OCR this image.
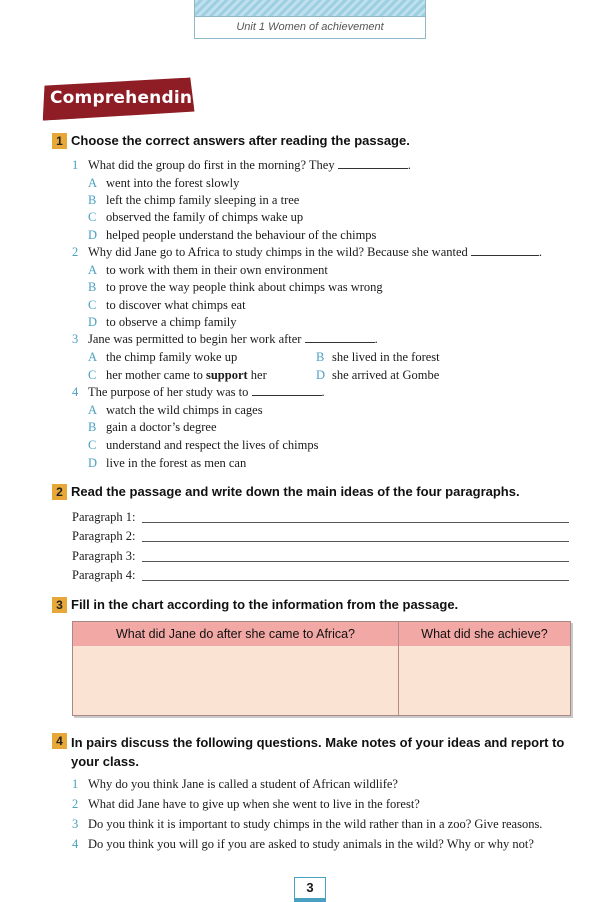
Unit 1 Women of achievement
Comprehending
1 Choose the correct answers after reading the passage.
1 What did the group do first in the morning? They	.
A went into the forest slowly
B left the chimp family sleeping in a tree
C observed the family of chimps wake up
D helped people understand the behaviour of the chimps
2 Why did Jane go to Africa to study chimps in the wild? Because she wanted	.
A to work with them in their own environment
B to prove the way people think about chimps was wrong
C to discover what chimps eat
D to observe a chimp family
3 Jane was permitted to begin her work after	.
A the chimp family woke up	B she lived in the forest
C her mother came to support her	D she arrived at Gombe
4 The purpose of her study was to	.
A watch the wild chimps in cages
B gain a doctor’s degree
C understand and respect the lives of chimps
D live in the forest as men can
2 Read the passage and write down the main ideas of the four paragraphs.
Paragraph 1:
Paragraph 2:
Paragraph 3:
Paragraph 4:
3 Fill in the chart according to the information from the passage.
What did Jane do after she came to Africa?	What did she achieve?
4 In pairs discuss the following questions. Make notes of your ideas and report to
your class.
1 Why do you think Jane is called a student of African wildlife?
2 What did Jane have to give up when she went to live in the forest?
3 Do you think it is important to study chimps in the wild rather than in a zoo? Give reasons.
4 Do you think you will go if you are asked to study animals in the wild? Why or why not?
3
